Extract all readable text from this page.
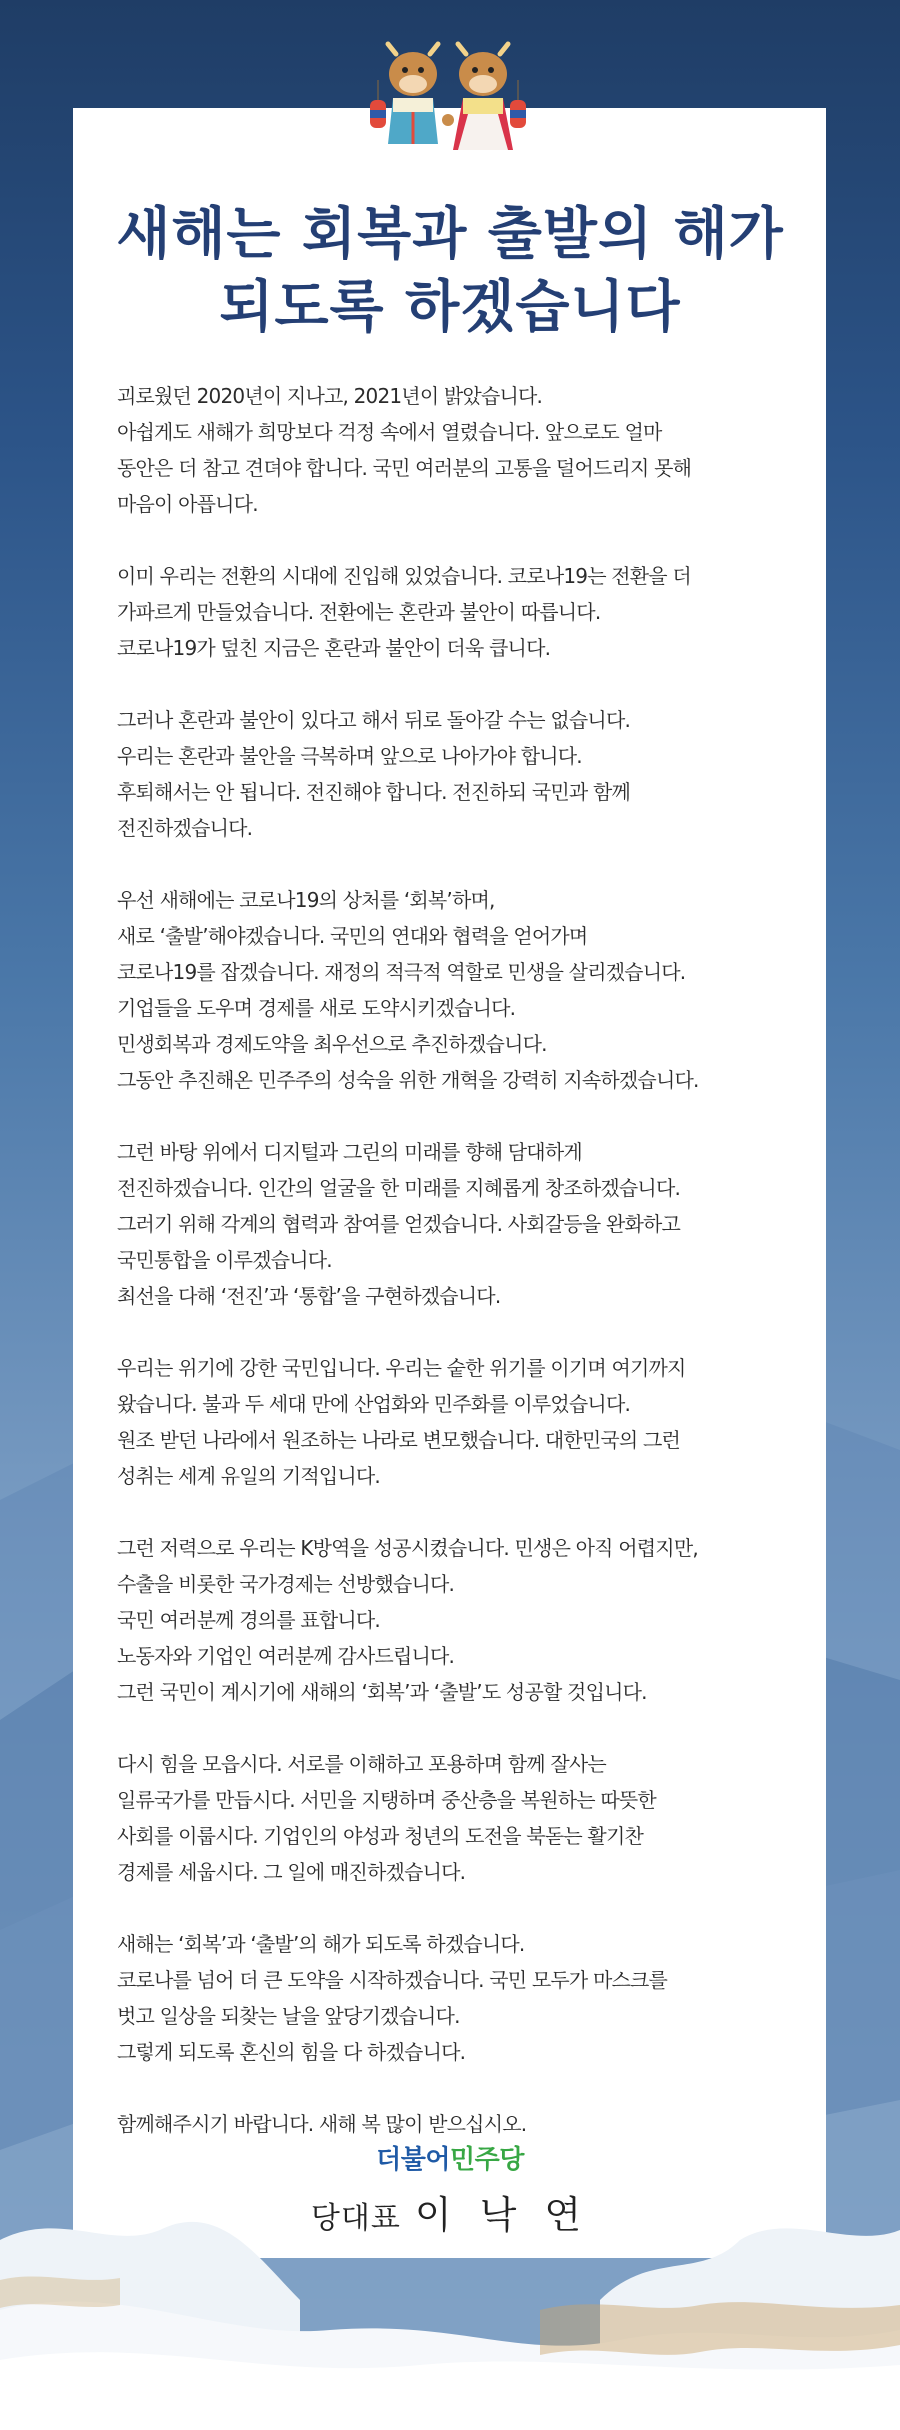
새해는 회복과 출발의 해가
되도록 하겠습니다

괴로웠던 2020년이 지나고, 2021년이 밝았습니다.
아쉽게도 새해가 희망보다 걱정 속에서 열렸습니다. 앞으로도 얼마
동안은 더 참고 견뎌야 합니다. 국민 여러분의 고통을 덜어드리지 못해
마음이 아픕니다.

이미 우리는 전환의 시대에 진입해 있었습니다. 코로나19는 전환을 더
가파르게 만들었습니다. 전환에는 혼란과 불안이 따릅니다.
코로나19가 덮친 지금은 혼란과 불안이 더욱 큽니다.

그러나 혼란과 불안이 있다고 해서 뒤로 돌아갈 수는 없습니다.
우리는 혼란과 불안을 극복하며 앞으로 나아가야 합니다.
후퇴해서는 안 됩니다. 전진해야 합니다. 전진하되 국민과 함께
전진하겠습니다.

우선 새해에는 코로나19의 상처를 ‘회복’하며,
새로 ‘출발’해야겠습니다. 국민의 연대와 협력을 얻어가며
코로나19를 잡겠습니다. 재정의 적극적 역할로 민생을 살리겠습니다.
기업들을 도우며 경제를 새로 도약시키겠습니다.
민생회복과 경제도약을 최우선으로 추진하겠습니다.
그동안 추진해온 민주주의 성숙을 위한 개혁을 강력히 지속하겠습니다.

그런 바탕 위에서 디지털과 그린의 미래를 향해 담대하게
전진하겠습니다. 인간의 얼굴을 한 미래를 지혜롭게 창조하겠습니다.
그러기 위해 각계의 협력과 참여를 얻겠습니다. 사회갈등을 완화하고
국민통합을 이루겠습니다.
최선을 다해 ‘전진’과 ‘통합’을 구현하겠습니다.

우리는 위기에 강한 국민입니다. 우리는 숱한 위기를 이기며 여기까지
왔습니다. 불과 두 세대 만에 산업화와 민주화를 이루었습니다.
원조 받던 나라에서 원조하는 나라로 변모했습니다. 대한민국의 그런
성취는 세계 유일의 기적입니다.

그런 저력으로 우리는 K방역을 성공시켰습니다. 민생은 아직 어렵지만,
수출을 비롯한 국가경제는 선방했습니다.
국민 여러분께 경의를 표합니다.
노동자와 기업인 여러분께 감사드립니다.
그런 국민이 계시기에 새해의 ‘회복’과 ‘출발’도 성공할 것입니다.

다시 힘을 모읍시다. 서로를 이해하고 포용하며 함께 잘사는
일류국가를 만듭시다. 서민을 지탱하며 중산층을 복원하는 따뜻한
사회를 이룹시다. 기업인의 야성과 청년의 도전을 북돋는 활기찬
경제를 세웁시다. 그 일에 매진하겠습니다.

새해는 ‘회복’과 ‘출발’의 해가 되도록 하겠습니다.
코로나를 넘어 더 큰 도약을 시작하겠습니다. 국민 모두가 마스크를
벗고 일상을 되찾는 날을 앞당기겠습니다.
그렇게 되도록 혼신의 힘을 다 하겠습니다.

함께해주시기 바랍니다. 새해 복 많이 받으십시오.

더불어민주당
당대표 이 낙 연
